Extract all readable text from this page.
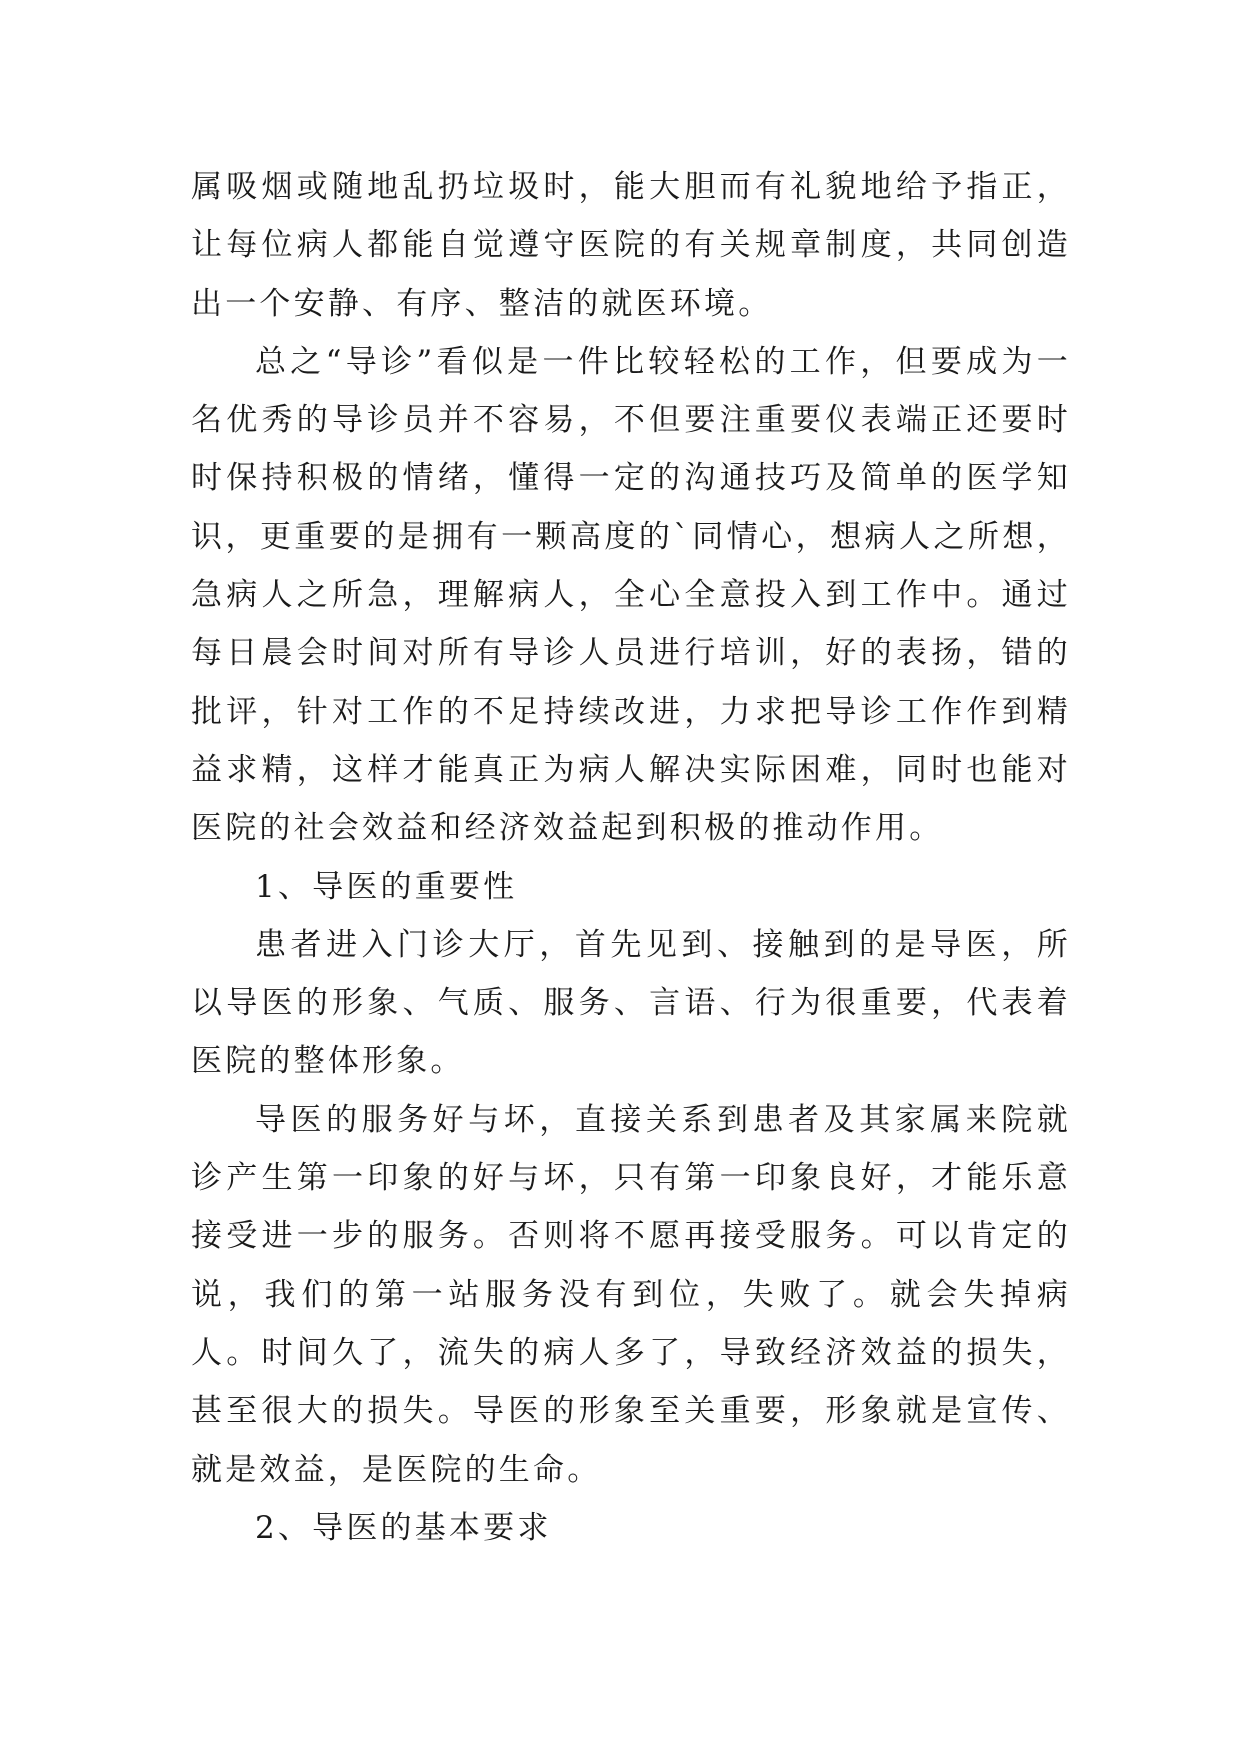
属吸烟或随地乱扔垃圾时，能大胆而有礼貌地给予指正，让每位病人都能自觉遵守医院的有关规章制度，共同创造出一个安静、有序、整洁的就医环境。

总之“导诊”看似是一件比较轻松的工作，但要成为一名优秀的导诊员并不容易，不但要注重要仪表端正还要时时保持积极的情绪，懂得一定的沟通技巧及简单的医学知识，更重要的是拥有一颗高度的`同情心，想病人之所想，急病人之所急，理解病人，全心全意投入到工作中。通过每日晨会时间对所有导诊人员进行培训，好的表扬，错的批评，针对工作的不足持续改进，力求把导诊工作作到精益求精，这样才能真正为病人解决实际困难，同时也能对医院的社会效益和经济效益起到积极的推动作用。

1、导医的重要性

患者进入门诊大厅，首先见到、接触到的是导医，所以导医的形象、气质、服务、言语、行为很重要，代表着医院的整体形象。

导医的服务好与坏，直接关系到患者及其家属来院就诊产生第一印象的好与坏，只有第一印象良好，才能乐意接受进一步的服务。否则将不愿再接受服务。可以肯定的说，我们的第一站服务没有到位，失败了。就会失掉病人。时间久了，流失的病人多了，导致经济效益的损失，甚至很大的损失。导医的形象至关重要，形象就是宣传、就是效益，是医院的生命。

2、导医的基本要求
